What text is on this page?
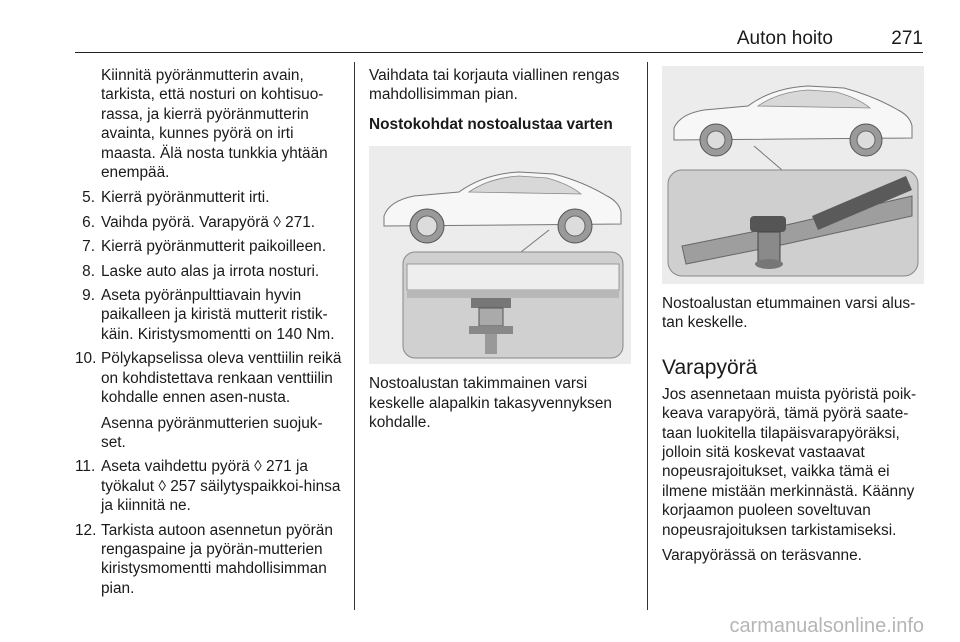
Auton hoito	271
Kiinnitä pyöränmutterin avain, tarkista, että nosturi on kohtisuo-rassa, ja kierrä pyöränmutterin avainta, kunnes pyörä on irti maasta. Älä nosta tunkkia yhtään enempää.
5. Kierrä pyöränmutterit irti.
6. Vaihda pyörä. Varapyörä ◊ 271.
7. Kierrä pyöränmutterit paikoilleen.
8. Laske auto alas ja irrota nosturi.
9. Aseta pyöränpulttiavain hyvin paikalleen ja kiristä mutterit ristik-käin. Kiristysmomentti on 140 Nm.
10. Pölykapselissa oleva venttiilin reikä on kohdistettava renkaan venttiilin kohdalle ennen asen-nusta.
Asenna pyöränmutterien suojuk-set.
11. Aseta vaihdettu pyörä ◊ 271 ja työkalut ◊ 257 säilytyspaikkoi-hinsa ja kiinnitä ne.
12. Tarkista autoon asennetun pyörän rengaspaine ja pyörän-mutterien kiristysmomentti mahdollisimman pian.
Vaihdata tai korjauta viallinen rengas mahdollisimman pian.
Nostokohdat nostoalustaa varten
Nostoalustan takimmainen varsi keskelle alapalkin takasyvennyksen kohdalle.
Nostoalustan etummainen varsi alus-tan keskelle.
Varapyörä
Jos asennetaan muista pyöristä poik-keava varapyörä, tämä pyörä saate-taan luokitella tilapäisvarapyöräksi, jolloin sitä koskevat vastaavat nopeusrajoitukset, vaikka tämä ei ilmene mistään merkinnästä. Käänny korjaamon puoleen soveltuvan nopeusrajoituksen tarkistamiseksi.
Varapyörässä on teräsvanne.
carmanualsonline.info
